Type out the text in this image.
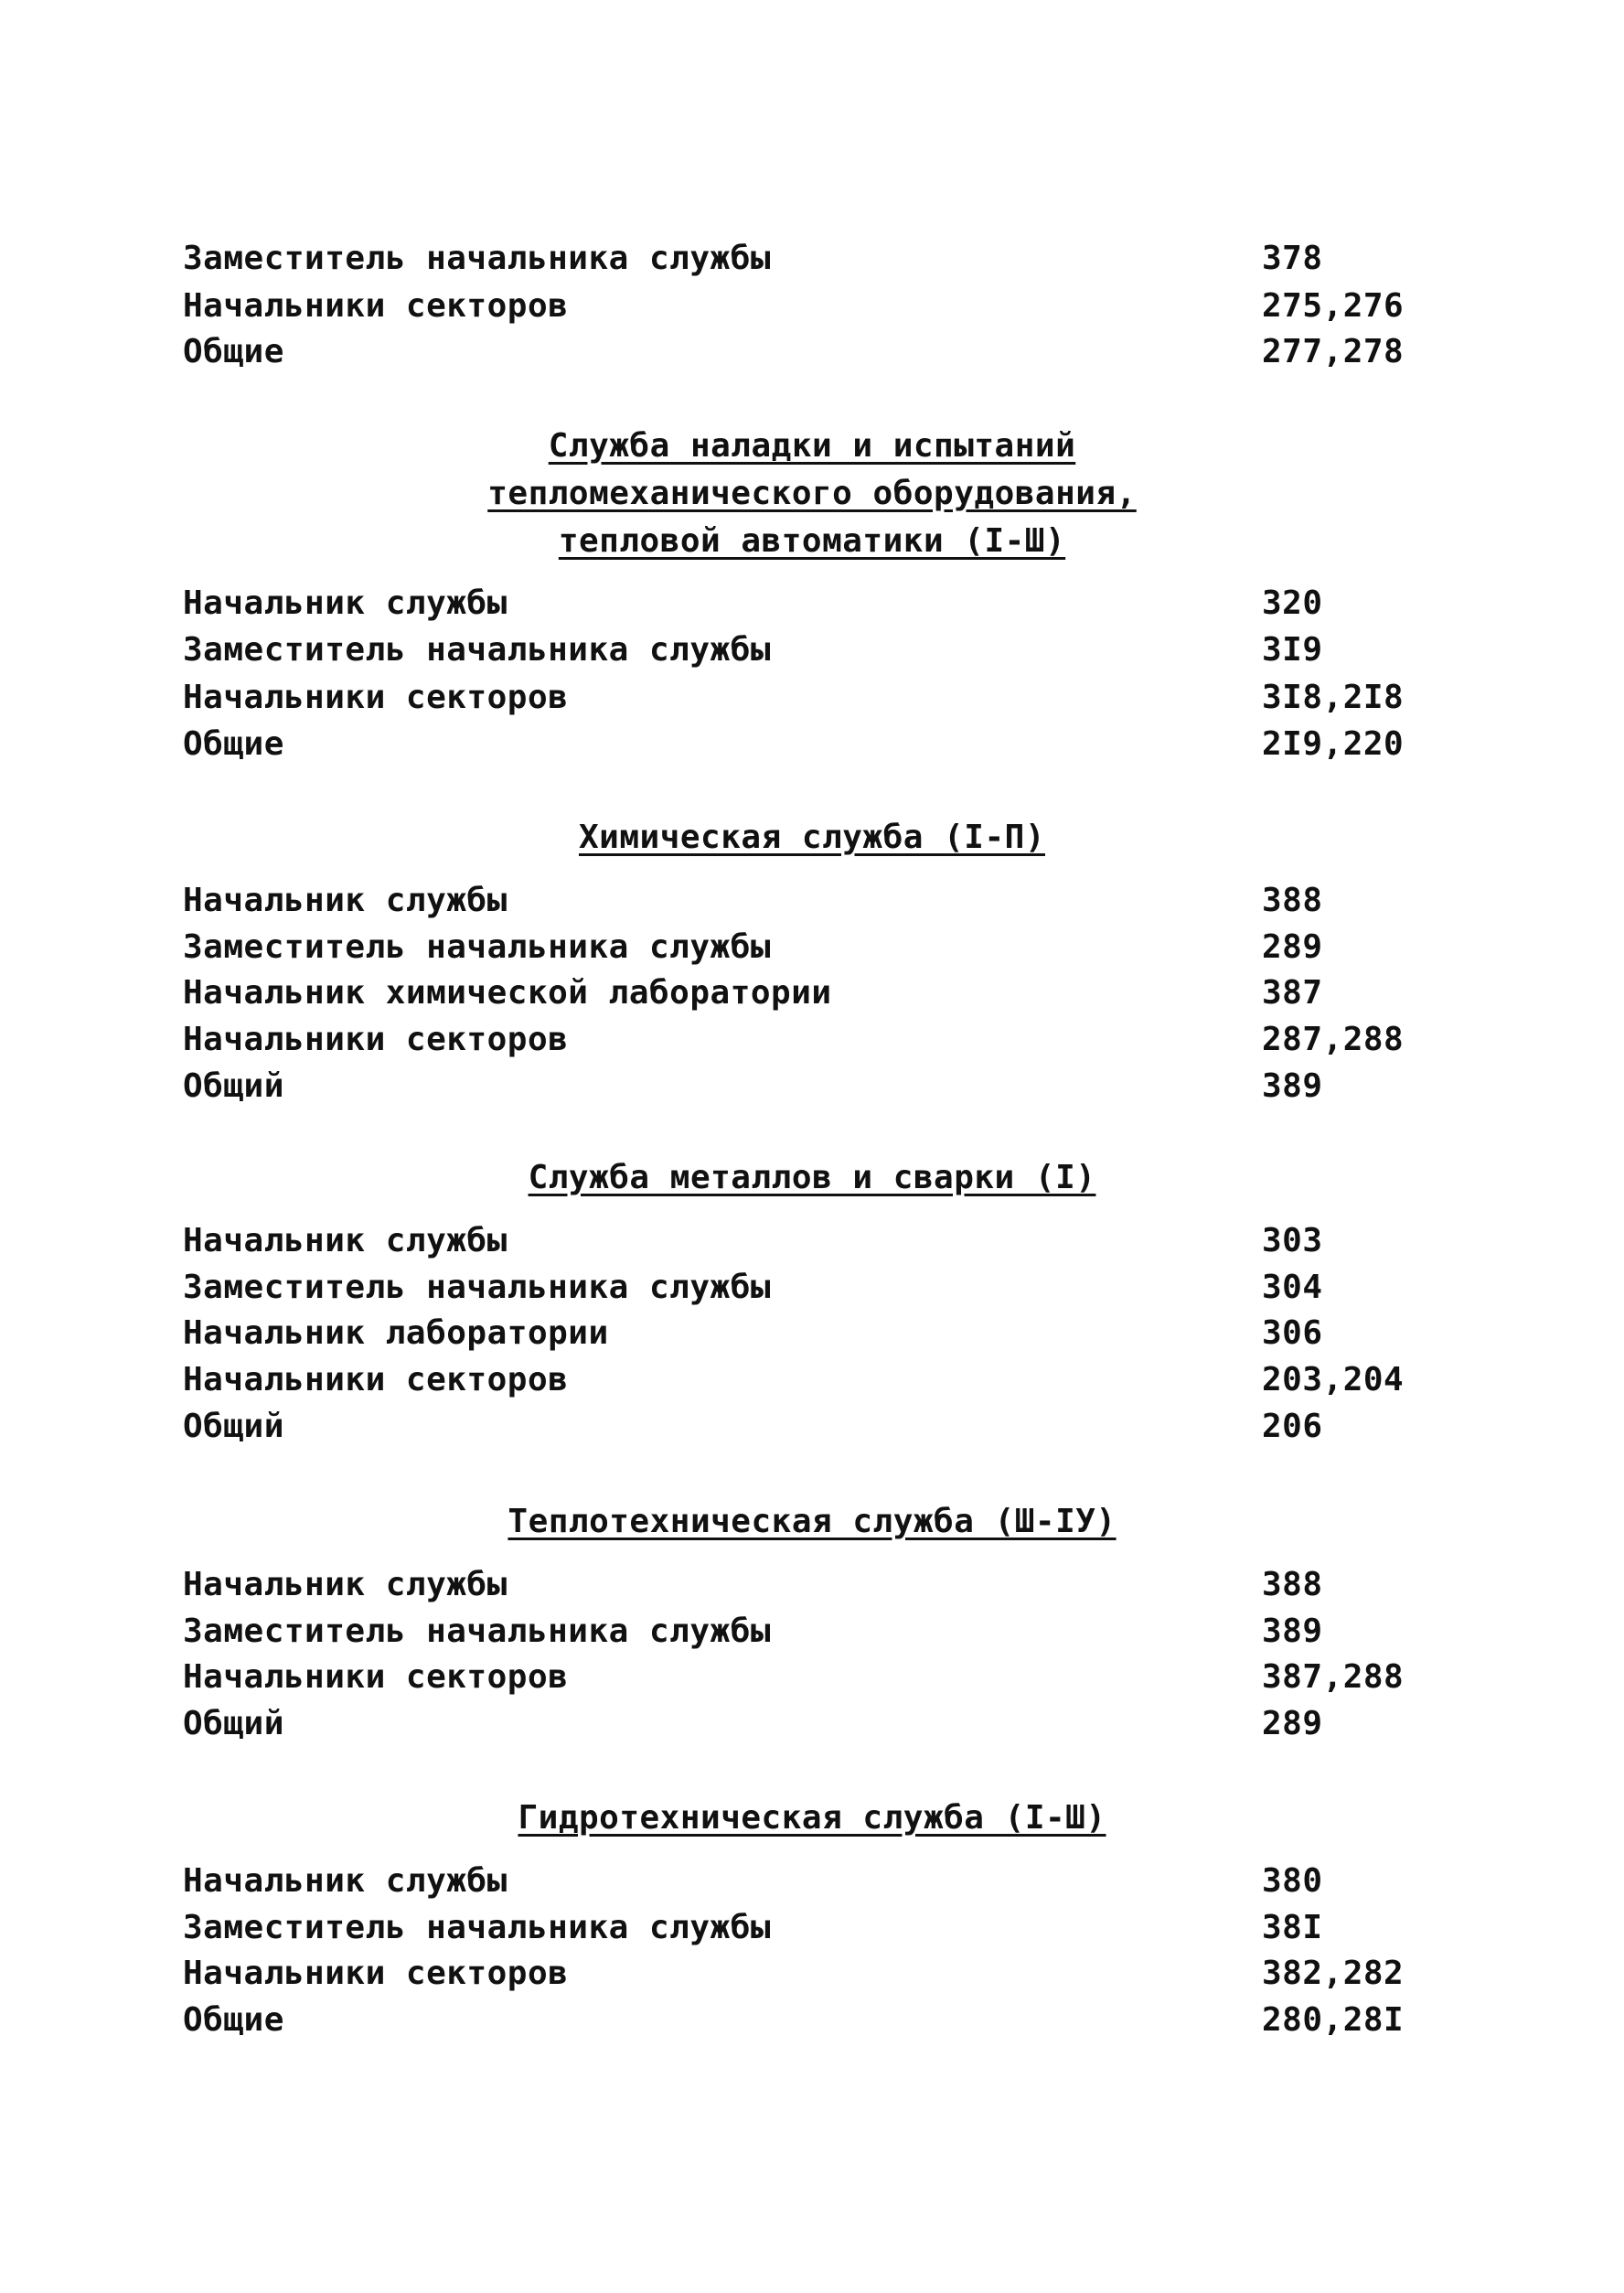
Заместитель начальника службы	378
Начальники секторов	275,276
Общие	277,278
Служба наладки и испытаний
тепломеханического оборудования,
тепловой автоматики (I-Ш)
Начальник службы	320
Заместитель начальника службы	3I9
Начальники секторов	3I8,2I8
Общие	2I9,220
Химическая служба (I-П)
Начальник службы	388
Заместитель начальника службы	289
Начальник химической лаборатории	387
Начальники секторов	287,288
Общий	389
Служба металлов и сварки (I)
Начальник службы	303
Заместитель начальника службы	304
Начальник лаборатории	306
Начальники секторов	203,204
Общий	206
Теплотехническая служба (Ш-IУ)
Начальник службы	388
Заместитель начальника службы	389
Начальники секторов	387,288
Общий	289
Гидротехническая служба (I-Ш)
Начальник службы	380
Заместитель начальника службы	38I
Начальники секторов	382,282
Общие	280,28I
